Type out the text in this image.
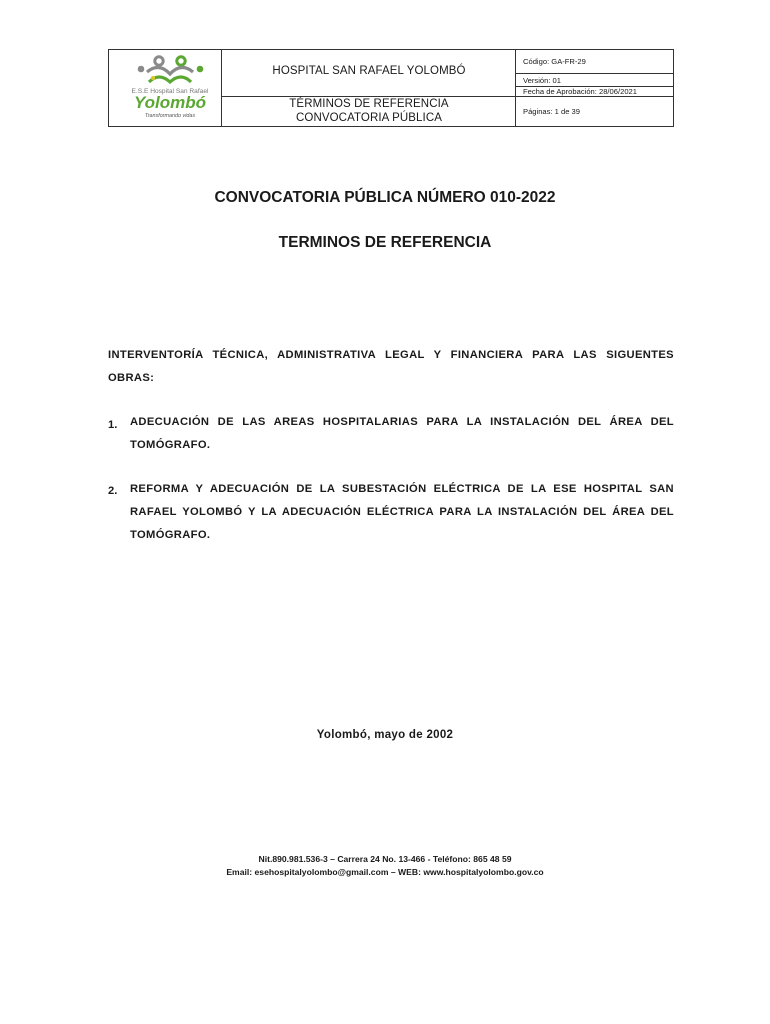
E.S.E Hospital San Rafael
Yolombó
Transformando vidas
HOSPITAL SAN RAFAEL YOLOMBÓ
TÉRMINOS DE REFERENCIA
CONVOCATORIA PÚBLICA
Código: GA-FR-29
Versión: 01
Fecha de Aprobación: 28/06/2021
Páginas: 1 de 39
CONVOCATORIA PÚBLICA NÚMERO 010-2022
TERMINOS DE REFERENCIA
INTERVENTORÍA TÉCNICA, ADMINISTRATIVA LEGAL Y FINANCIERA PARA LAS SIGUENTES OBRAS:
1. ADECUACIÓN DE LAS AREAS HOSPITALARIAS PARA LA INSTALACIÓN DEL ÁREA DEL TOMÓGRAFO.
2. REFORMA Y ADECUACIÓN DE LA SUBESTACIÓN ELÉCTRICA DE LA ESE HOSPITAL SAN RAFAEL YOLOMBÓ Y LA ADECUACIÓN ELÉCTRICA PARA LA INSTALACIÓN DEL ÁREA DEL TOMÓGRAFO.
Yolombó, mayo de 2002
Nit.890.981.536-3 – Carrera 24 No. 13-466 - Teléfono: 865 48 59
Email: esehospitalyolombo@gmail.com – WEB: www.hospitalyolombo.gov.co
